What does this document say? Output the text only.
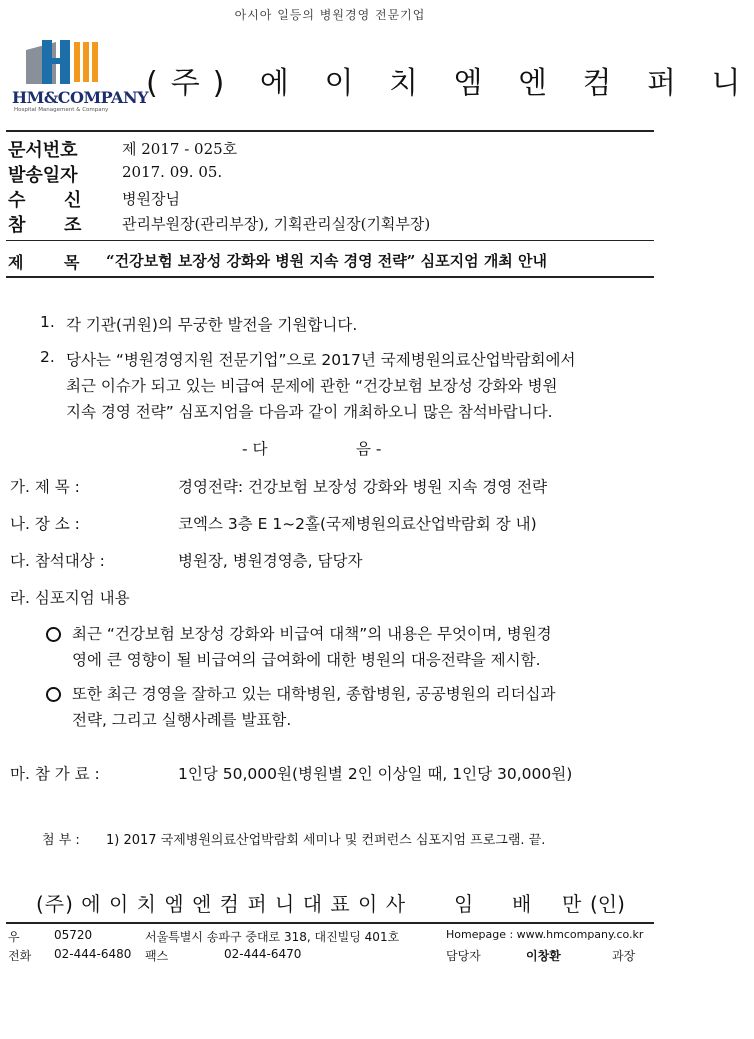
아시아 일등의 병원경영 전문기업
HM&COMPANY
Hospital Management & Company
(주) 에 이 치 엠 엔 컴 퍼 니
문서번호	제 2017 - 025호
발송일자	2017. 09. 05.
수 신	병원장님
참 조	관리부원장(관리부장), 기획관리실장(기획부장)
제	목 “건강보험 보장성 강화와 병원 지속 경영 전략” 심포지엄 개최 안내
1. 각 기관(귀원)의 무궁한 발전을 기원합니다.
2. 당사는 “병원경영지원 전문기업”으로 2017년 국제병원의료산업박람회에서
최근 이슈가 되고 있는 비급여 문제에 관한 “건강보험 보장성 강화와 병원
지속 경영 전략” 심포지엄을 다음과 같이 개최하오니 많은 참석바랍니다.
- 다	음 -
가. 제 목 :	경영전략: 건강보험 보장성 강화와 병원 지속 경영 전략
나. 장 소 :	코엑스 3층 E 1~2홀(국제병원의료산업박람회 장 내)
다. 참석대상 :	병원장, 병원경영층, 담당자
라. 심포지엄 내용
최근 “건강보험 보장성 강화와 비급여 대책”의 내용은 무엇이며, 병원경
영에 큰 영향이 될 비급여의 급여화에 대한 병원의 대응전략을 제시함.
또한 최근 경영을 잘하고 있는 대학병원, 종합병원, 공공병원의 리더십과
전략, 그리고 실행사례를 발표함.
마. 참 가 료 :	1인당 50,000원(병원별 2인 이상일 때, 1인당 30,000원)
첨 부 : 1) 2017 국제병원의료산업박람회 세미나 및 컨퍼런스 심포지엄 프로그램. 끝.
(주) 에 이 치 엠 엔 컴 퍼 니 대 표 이 사 임 배 만 (인)
우	05720	서울특별시 송파구 중대로 318, 대진빌딩 401호	Homepage : www.hmcompany.co.kr
전화 02-444-6480 팩스	02-444-6470	담당자	이창환	과장
